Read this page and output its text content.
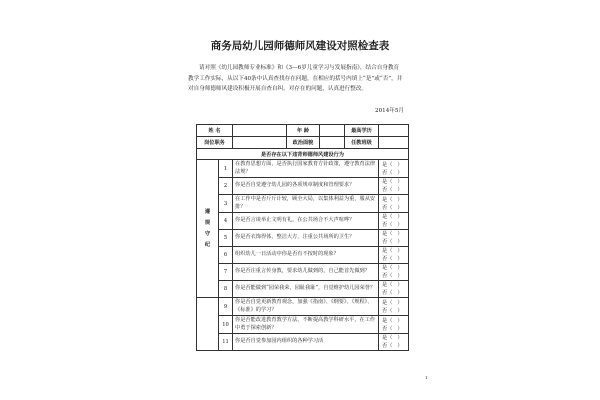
商务局幼儿园师德师风建设对照检查表

请对照《幼儿园教师专业标准》和《3—6岁儿童学习与发展指南》，结合自身教育教学工作实际，从以下40条中认真查找存在问题，在相应的括号内填上“是”或“否”，并对自身师德师风建设积极开展自查自纠，对存在的问题，认真进行整改。

2014年5月
姓 名			年 龄		最高学历	
岗位职务			政治面貌		任教班级	
是否存在以下违背师德师风建设行为						
遵
规
守
纪	1	在教育思想方面，是否执行国家教育方针政策，遵守教育法律法规？				是（   ）
否（   ）
	2	你是否自觉遵守幼儿园的各项规章制度和管理要求？				是（   ）
否（   ）
	3	在工作中是否斤斤计较，顾全大局，以集体利益为重，服从安排？				是（   ）
否（   ）
	4	你是否言谈举止文明有礼，在公共场合不大声喧哗？				是（   ）
否（   ）
	5	你是否衣饰得体，整洁大方，注重公共场所的卫生？				是（   ）
否（   ）
	6	组织幼儿一日活动中你是否有不按时的现象？				是（   ）
否（   ）
	7	你是否注重言传身教，要求幼儿做到的，自己能首先做到？				是（   ）
否（   ）
	8	你是否能做到“园荣我荣，园耻我耻”，自觉维护幼儿园荣誉？				是（   ）
否（   ）
	9	你是否自觉更新教育观念，加强《指南》、《纲要》、《规程》、《标准》的学习？				是（   ）
否（   ）
	10	你是否能改进教育教学方法，不断提高教学科研水平，在工作中勇于探索创新？				是（   ）
否（   ）
	11	你是否自觉参加园内组织的各种学习活				是（   ）
否（   ）
1
